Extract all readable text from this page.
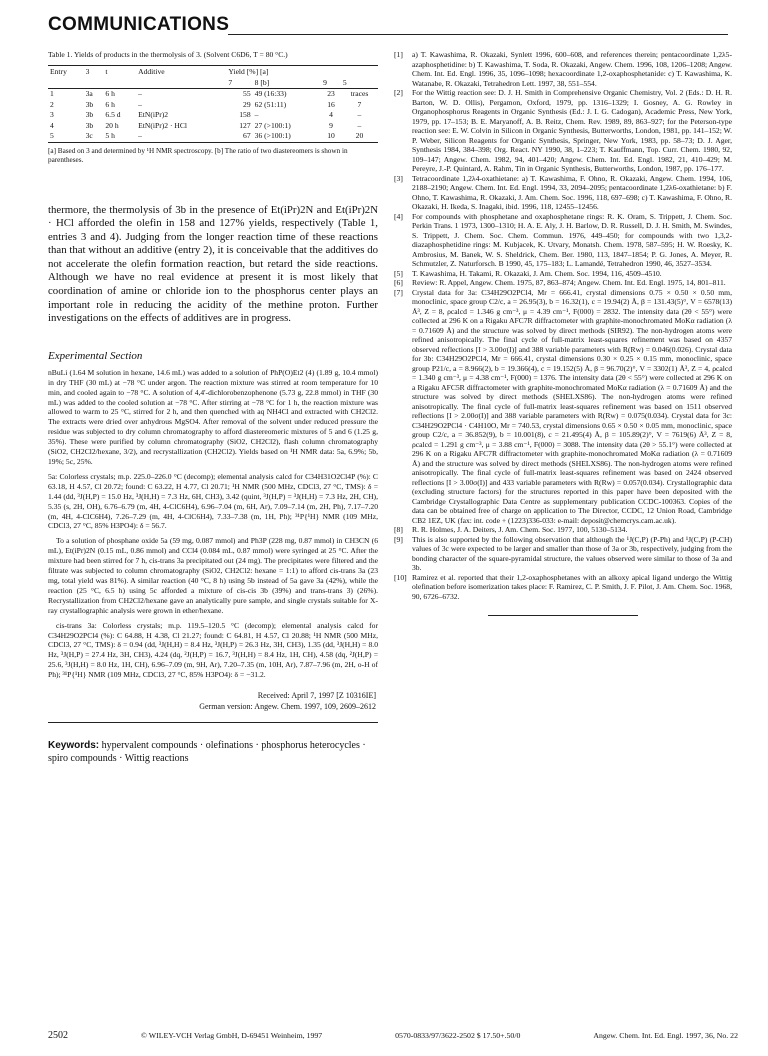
COMMUNICATIONS
Table 1. Yields of products in the thermolysis of 3. (Solvent C6D6, T = 80 °C.)
Entry	3	t	Additive	Yield [%] [a]			
				7	8 [b]	9	5
1	3a	6 h	–	55	49 (16:33)	23	traces
2	3b	6 h	–	29	62 (51:11)	16	7
3	3b	6.5 d	EtN(iPr)2	158	–	4	–
4	3b	20 h	EtN(iPr)2 · HCl	127	27 (>100:1)	9	–
5	3c	5 h	–	67	36 (>100:1)	10	20
[a] Based on 3 and determined by ¹H NMR spectroscopy. [b] The ratio of two diastereomers is shown in parentheses.
thermore, the thermolysis of 3b in the presence of Et(iPr)2N and Et(iPr)2N · HCl afforded the olefin in 158 and 127% yields, respectively (Table 1, entries 3 and 4). Judging from the longer reaction time of these reactions than that without an additive (entry 2), it is conceivable that the additives do not accelerate the olefin formation reaction, but retard the side reactions. Although we have no real evidence at present it is most likely that coordination of amine or chloride ion to the phosphorus center plays an important role in reducing the acidity of the methine proton. Further investigations on the effects of additives are in progress.
Experimental Section

nBuLi (1.64 M solution in hexane, 14.6 mL) was added to a solution of PhP(O)Et2 (4) (1.89 g, 10.4 mmol) in dry THF (30 mL) at −78 °C under argon. The reaction mixture was stirred at room temperature for 10 min, and cooled again to −78 °C. A solution of 4,4'-dichlorobenzophenone (5.73 g, 22.8 mmol) in THF (30 mL) was added to the cooled solution at −78 °C. After stirring at −78 °C for 1 h, the reaction mixture was allowed to warm to 25 °C, stirred for 2 h, and then quenched with aq NH4Cl and extracted with CH2Cl2. The extracts were dried over anhydrous MgSO4. After removal of the solvent under reduced pressure the residue was subjected to dry column chromatography to afford diastereomeric mixtures of 5 and 6 (1.25 g, 35%). These were purified by column chromatography (SiO2, CH2Cl2), flash column chromatography (SiO2, CH2Cl2/hexane, 3/2), and recrystallization (CH2Cl2). Yields based on ¹H NMR data: 5a, 6.9%; 5b, 19%; 5c, 25%.

5a: Colorless crystals; m.p. 225.0–226.0 °C (decomp); elemental analysis calcd for C34H31O2Cl4P (%): C 63.18, H 4.57, Cl 20.72; found: C 63.22, H 4.77, Cl 20.71; ¹H NMR (500 MHz, CDCl3, 27 °C, TMS): δ = 1.44 (dd, ³J(H,P) = 15.0 Hz, ³J(H,H) = 7.3 Hz, 6H, CH3), 3.42 (quint, ³J(H,P) = ³J(H,H) = 7.3 Hz, 2H, CH), 5.35 (s, 2H, OH), 6.76–6.79 (m, 4H, 4-ClC6H4), 6.96–7.04 (m, 6H, Ar), 7.09–7.14 (m, 2H, Ph), 7.17–7.20 (m, 4H, 4-ClC6H4), 7.26–7.29 (m, 4H, 4-ClC6H4), 7.33–7.38 (m, 1H, Ph); ³¹P{¹H} NMR (109 MHz, CDCl3, 27 °C, 85% H3PO4): δ = 56.7.

To a solution of phosphane oxide 5a (59 mg, 0.087 mmol) and Ph3P (228 mg, 0.87 mmol) in CH3CN (6 mL), Et(iPr)2N (0.15 mL, 0.86 mmol) and CCl4 (0.084 mL, 0.87 mmol) were syringed at 25 °C. After the mixture had been stirred for 7 h, cis-trans 3a precipitated out (24 mg). The precipitates were filtered and the filtrate was subjected to column chromatography (SiO2, CH2Cl2: hexane = 1:1) to afford cis-trans 3a (23 mg, total yield was 81%). A similar reaction (40 °C, 8 h) using 5b instead of 5a gave 3a (42%), while the reaction (25 °C, 6.5 h) using 5c afforded a mixture of cis-cis 3b (39%) and trans-trans 3) (26%). Recrystallization from CH2Cl2/hexane gave an analytically pure sample, and single crystals suitable for X-ray crystallographic analysis were grown in ether/hexane.

cis-trans 3a: Colorless crystals; m.p. 119.5–120.5 °C (decomp); elemental analysis calcd for C34H29O2PCl4 (%): C 64.88, H 4.38, Cl 21.27; found: C 64.81, H 4.57, Cl 20.88; ¹H NMR (500 MHz, CDCl3, 27 °C, TMS): δ = 0.94 (dd, ³J(H,H) = 8.4 Hz, ³J(H,P) = 26.3 Hz, 3H, CH3), 1.35 (dd, ³J(H,H) = 8.0 Hz, ³J(H,P) = 27.4 Hz, 3H, CH3), 4.24 (dq, ²J(H,P) = 16.7, ³J(H,H) = 8.4 Hz, 1H, CH), 4.58 (dq, ²J(H,P) = 25.6, ³J(H,H) = 8.0 Hz, 1H, CH), 6.96–7.09 (m, 9H, Ar), 7.20–7.35 (m, 10H, Ar), 7.87–7.96 (m, 2H, o-H of Ph); ³¹P{¹H} NMR (109 MHz, CDCl3, 27 °C, 85% H3PO4): δ = −31.2.

Received: April 7, 1997 [Z 10316IE]
German version: Angew. Chem. 1997, 109, 2609–2612
Keywords: hypervalent compounds · olefinations · phosphorus heterocycles · spiro compounds · Wittig reactions
[1]	a) T. Kawashima, R. Okazaki, Synlett 1996, 600–608, and references therein; pentacoordinate 1,2λ5-azaphosphetidine: b) T. Kawashima, T. Soda, R. Okazaki, Angew. Chem. 1996, 108, 1206–1208; Angew. Chem. Int. Ed. Engl. 1996, 35, 1096–1098; hexacoordinate 1,2-oxaphosphetanide: c) T. Kawashima, K. Watanabe, R. Okazaki, Tetrahedron Lett. 1997, 38, 551–554.
[2]	For the Wittig reaction see: D. J. H. Smith in Comprehensive Organic Chemistry, Vol. 2 (Eds.: D. H. R. Barton, W. D. Ollis), Pergamon, Oxford, 1979, pp. 1316–1329; I. Gosney, A. G. Rowley in Organophosphorus Reagents in Organic Synthesis (Ed.: J. I. G. Cadogan), Academic Press, New York, 1979, pp. 17–153; B. E. Maryanoff, A. B. Reitz, Chem. Rev. 1989, 89, 863–927; for the Peterson-type reaction see: E. W. Colvin in Silicon in Organic Synthesis, Butterworths, London, 1981, pp. 141–152; W. P. Weber, Silicon Reagents for Organic Synthesis, Springer, New York, 1983, pp. 58–73; D. J. Ager, Synthesis 1984, 384–398; Org. React. NY 1990, 38, 1–223; T. Kauffmann, Top. Curr. Chem. 1980, 92, 109–147; Angew. Chem. 1982, 94, 401–420; Angew. Chem. Int. Ed. Engl. 1982, 21, 410–429; M. Pereyre, J.-P. Quintard, A. Rahm, Tin in Organic Synthesis, Butterworths, London, 1987, pp. 176–177.
[3]	Tetracoordinate 1,2λ4-oxathietane: a) T. Kawashima, F. Ohno, R. Okazaki, Angew. Chem. 1994, 106, 2188–2190; Angew. Chem. Int. Ed. Engl. 1994, 33, 2094–2095; pentacoordinate 1,2λ6-oxathietane: b) F. Ohno, T. Kawashima, R. Okazaki, J. Am. Chem. Soc. 1996, 118, 697–698; c) T. Kawashima, F. Ohno, R. Okazaki, H. Ikeda, S. Inagaki, ibid. 1996, 118, 12455–12456.
[4]	For compounds with phosphetane and oxaphosphetane rings: R. K. Oram, S. Trippett, J. Chem. Soc. Perkin Trans. 1 1973, 1300–1310; H. A. E. Aly, J. H. Barlow, D. R. Russell, D. J. H. Smith, M. Swindes, S. Trippett, J. Chem. Soc. Chem. Commun. 1976, 449–450; for compounds with two 1,3,2-diazaphosphetidine rings: M. Kubjacek, K. Utvary, Monatsh. Chem. 1978, 587–595; H. W. Roesky, K. Ambrosius, M. Banek, W. S. Sheldrick, Chem. Ber. 1980, 113, 1847–1854; P. G. Jones, A. Meyer, R. Schmutzler, Z. Naturforsch. B 1990, 45, 175–183; L. Lamandé, Tetrahedron 1990, 46, 3527–3534.
[5]	T. Kawashima, H. Takami, R. Okazaki, J. Am. Chem. Soc. 1994, 116, 4509–4510.
[6]	Review: R. Appel, Angew. Chem. 1975, 87, 863–874; Angew. Chem. Int. Ed. Engl. 1975, 14, 801–811.
[7]	Crystal data for 3a: C34H29O2PCl4, Mr = 666.41, crystal dimensions 0.75 × 0.50 × 0.50 mm, monoclinic, space group C2/c, a = 26.95(3), b = 16.32(1), c = 19.94(2) Å, β = 131.43(5)°, V = 6578(13) Å³, Z = 8, ρcalcd = 1.346 g cm⁻³, μ = 4.39 cm⁻¹, F(000) = 2832. The intensity data (2θ < 55°) were collected at 296 K on a Rigaku AFC7R diffractometer with graphite-monochromated MoKα radiation (λ = 0.71609 Å) and the structure was solved by direct methods (SIR92). The non-hydrogen atoms were refined anisotropically. The final cycle of full-matrix least-squares refinement was based on 4357 observed reflections [I > 3.00σ(I)] and 388 variable parameters with R(Rw) = 0.046(0.026). Crystal data for 3b: C34H29O2PCl4, Mr = 666.41, crystal dimensions 0.30 × 0.25 × 0.15 mm, monoclinic, space group P21/c, a = 8.966(2), b = 19.366(4), c = 19.152(5) Å, β = 96.70(2)°, V = 3302(1) Å³, Z = 4, ρcalcd = 1.340 g cm⁻³, μ = 4.38 cm⁻¹, F(000) = 1376. The intensity data (2θ < 55°) were collected at 296 K on a Rigaku AFC5R diffractometer with graphite-monochromated MoKα radiation (λ = 0.71609 Å) and the structure was solved by direct methods (SHELXS86). The non-hydrogen atoms were refined anisotropically. The final cycle of full-matrix least-squares refinement was based on 1511 observed reflections [I > 2.00σ(I)] and 388 variable parameters with R(Rw) = 0.075(0.034). Crystal data for 3c: C34H29O2PCl4 · C4H10O, Mr = 740.53, crystal dimensions 0.65 × 0.50 × 0.05 mm, monoclinic, space group C2/c, a = 36.852(9), b = 10.001(8), c = 21.495(4) Å, β = 105.89(2)°, V = 7619(6) Å³, Z = 8, ρcalcd = 1.291 g cm⁻³, μ = 3.88 cm⁻¹, F(000) = 3088. The intensity data (2θ > 55.1°) were collected at 296 K on a Rigaku AFC7R diffractometer with graphite-monochromated MoKα radiation (λ = 0.71609 Å) and the structure was solved by direct methods (SHELXS86). The non-hydrogen atoms were refined anisotropically. The final cycle of full-matrix least-squares refinement was based on 2424 observed reflections [I > 3.00σ(I)] and 433 variable parameters with R(Rw) = 0.057(0.034). Crystallographic data (excluding structure factors) for the structures reported in this paper have been deposited with the Cambridge Crystallographic Data Centre as supplementary publication CCDC-100363. Copies of the data can be obtained free of charge on application to The Director, CCDC, 12 Union Road, Cambridge CB2 1EZ, UK (fax: int. code + (1223)336-033: e-mail: deposit@chemcrys.cam.ac.uk).
[8]	R. R. Holmes, J. A. Deiters, J. Am. Chem. Soc. 1977, 100, 5130–5134.
[9]	This is also supported by the following observation that although the ¹J(C,P) (P-Ph) and ¹J(C,P) (P-CH) values of 3c were expected to be larger and smaller than those of 3a or 3b, respectively, judging from the bonding character of the square-pyramidal structure, the values observed were similar to those of 3a and 3b.
[10] Ramirez et al. reported that their 1,2-oxaphosphetanes with an alkoxy apical ligand undergo the Wittig olefination before isomerization takes place: F. Ramirez, C. P. Smith, J. F. Pilot, J. Am. Chem. Soc. 1968, 90, 6726–6732.
2502	© WILEY-VCH Verlag GmbH, D-69451 Weinheim, 1997	0570-0833/97/3622-2502 $ 17.50+.50/0	Angew. Chem. Int. Ed. Engl. 1997, 36, No. 22
